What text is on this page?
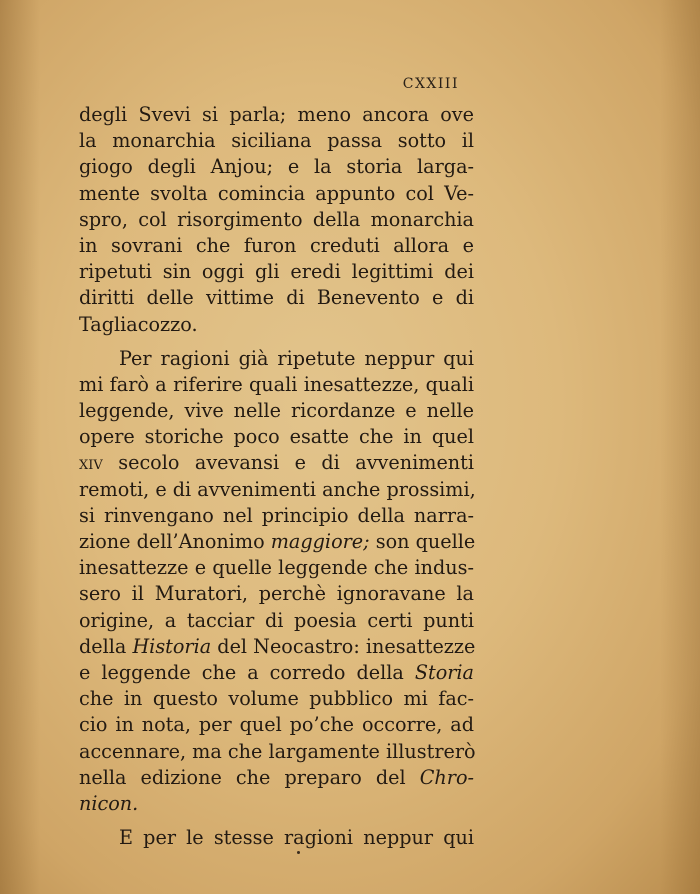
CXXIII
degli Svevi si parla; meno ancora ove
la monarchia siciliana passa sotto il
giogo degli Anjou; e la storia larga-
mente svolta comincia appunto col Ve-
spro, col risorgimento della monarchia
in sovrani che furon creduti allora e
ripetuti sin oggi gli eredi legittimi dei
diritti delle vittime di Benevento e di
Tagliacozzo.
Per ragioni già ripetute neppur qui
mi farò a riferire quali inesattezze, quali
leggende, vive nelle ricordanze e nelle
opere storiche poco esatte che in quel
xiv secolo avevansi e di avvenimenti
remoti, e di avvenimenti anche prossimi,
si rinvengano nel principio della narra-
zione dell’Anonimo maggiore; son quelle
inesattezze e quelle leggende che indus-
sero il Muratori, perchè ignoravane la
origine, a tacciar di poesia certi punti
della Historia del Neocastro: inesattezze
e leggende che a corredo della Storia
che in questo volume pubblico mi fac-
cio in nota, per quel po’che occorre, ad
accennare, ma che largamente illustrerò
nella edizione che preparo del Chro-
nicon.
E per le stesse ragioni neppur qui
